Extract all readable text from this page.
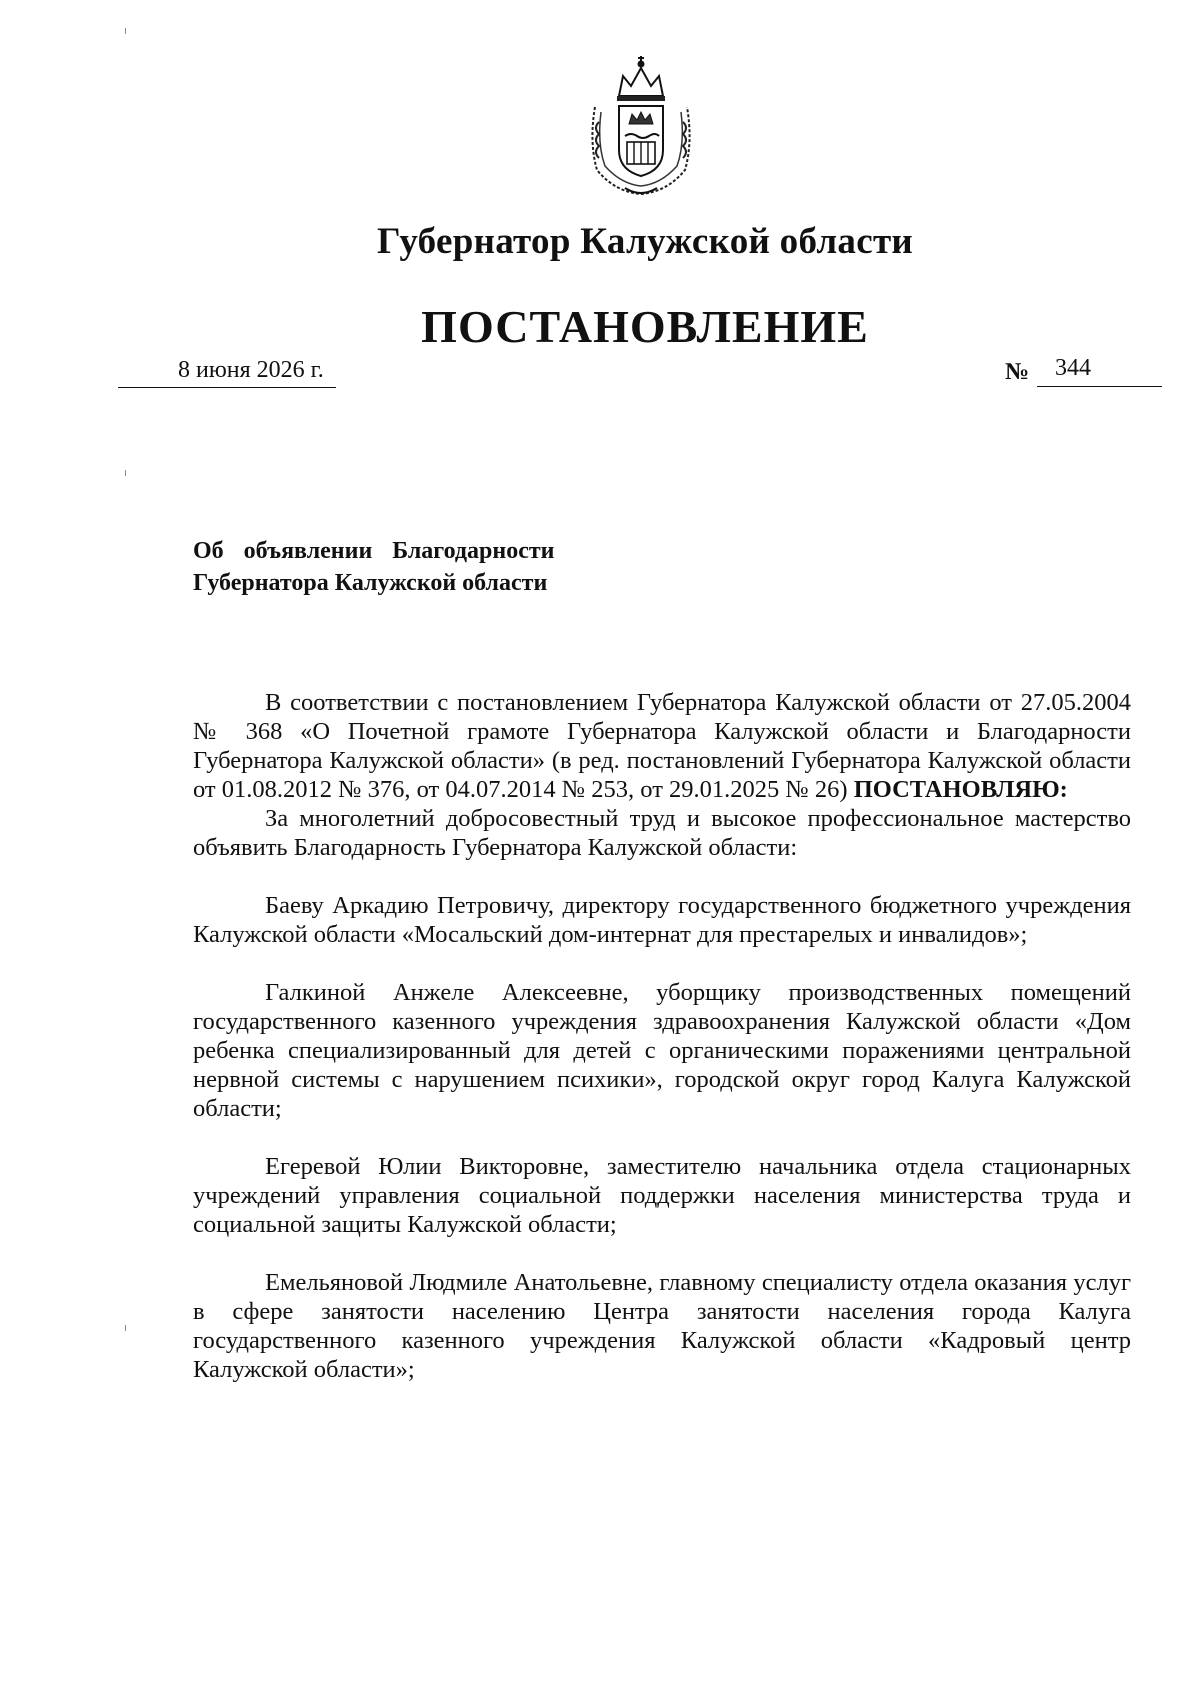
Губернатор Калужской области
ПОСТАНОВЛЕНИЕ
8 июня 2026 г.	№ 344
Об объявлении Благодарности
Губернатора Калужской области

В соответствии с постановлением Губернатора Калужской области от 27.05.2004 № 368 «О Почетной грамоте Губернатора Калужской области и Благодарности Губернатора Калужской области» (в ред. постановлений Губернатора Калужской области от 01.08.2012 № 376, от 04.07.2014 № 253, от 29.01.2025 № 26) ПОСТАНОВЛЯЮ:

За многолетний добросовестный труд и высокое профессиональное мастерство объявить Благодарность Губернатора Калужской области:

Баеву Аркадию Петровичу, директору государственного бюджетного учреждения Калужской области «Мосальский дом-интернат для престарелых и инвалидов»;

Галкиной Анжеле Алексеевне, уборщику производственных помещений государственного казенного учреждения здравоохранения Калужской области «Дом ребенка специализированный для детей с органическими поражениями центральной нервной системы с нарушением психики», городской округ город Калуга Калужской области;

Егеревой Юлии Викторовне, заместителю начальника отдела стационарных учреждений управления социальной поддержки населения министерства труда и социальной защиты Калужской области;

Емельяновой Людмиле Анатольевне, главному специалисту отдела оказания услуг в сфере занятости населению Центра занятости населения города Калуга государственного казенного учреждения Калужской области «Кадровый центр Калужской области»;
